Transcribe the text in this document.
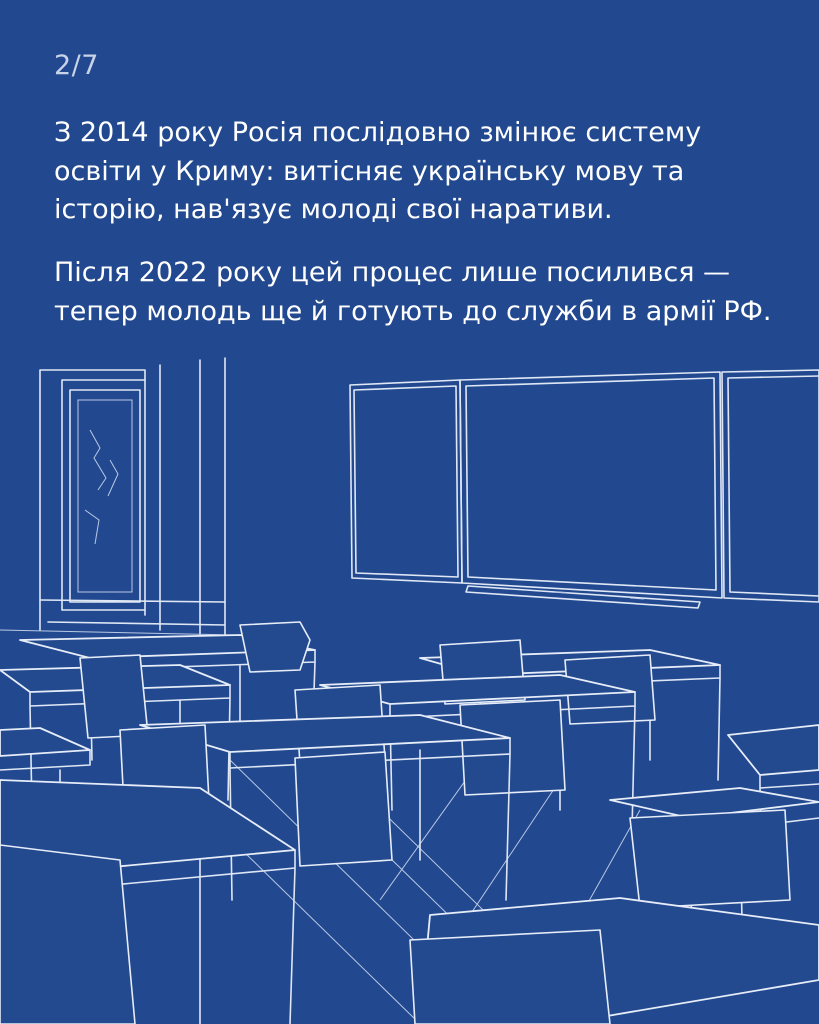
2/7
З 2014 року Росія послідовно змінює систему освіти у Криму: витісняє українську мову та історію, нав'язує молоді свої наративи.
Після 2022 року цей процес лише посилився — тепер молодь ще й готують до служби в армії РФ.
